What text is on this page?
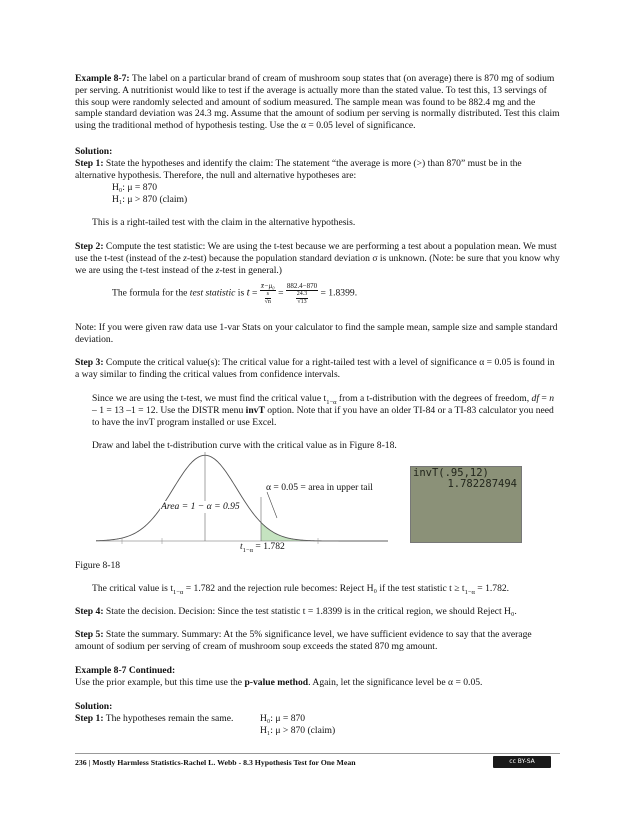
Example 8-7: The label on a particular brand of cream of mushroom soup states that (on average) there is 870 mg of sodium per serving. A nutritionist would like to test if the average is actually more than the stated value. To test this, 13 servings of this soup were randomly selected and amount of sodium measured. The sample mean was found to be 882.4 mg and the sample standard deviation was 24.3 mg. Assume that the amount of sodium per serving is normally distributed. Test this claim using the traditional method of hypothesis testing. Use the α = 0.05 level of significance.

Solution:

Step 1: State the hypotheses and identify the claim: The statement “the average is more (>) than 870” must be in the alternative hypothesis. Therefore, the null and alternative hypotheses are:

H₀: μ = 870

H₁: μ > 870 (claim)

This is a right-tailed test with the claim in the alternative hypothesis.

Step 2: Compute the test statistic: We are using the t-test because we are performing a test about a population mean. We must use the t-test (instead of the z-test) because the population standard deviation σ is unknown. (Note: be sure that you know why we are using the t-test instead of the z-test in general.)

The formula for the test statistic is $t = \frac{\text{x̄−μ₀}}{\frac{s}{√n}} = \frac{882.4-870}{\frac{24.3}{√13}} = 1.8399$.

Note: If you were given raw data use 1-var Stats on your calculator to find the sample mean, sample size and sample standard deviation.

Step 3: Compute the critical value(s): The critical value for a right-tailed test with a level of significance α = 0.05 is found in a way similar to finding the critical values from confidence intervals.

Since we are using the t-test, we must find the critical value $t_{1-\alpha}$ from a t-distribution with the degrees of freedom, df = n – 1 = 13 –1 = 12. Use the DISTR menu invT option. Note that if you have an older TI-84 or a TI-83 calculator you need to have the invT program installed or use Excel.

Draw and label the t-distribution curve with the critical value as in Figure 8-18.

α = 0.05 = area in upper tail
Area = 1 − α = 0.95
$t_{1-\alpha} = 1.782$
invT(.95,12)
1.782287494

Figure 8-18

The critical value is $t_{1-\alpha} = 1.782$ and the rejection rule becomes: Reject H₀ if the test statistic $t \ge t_{1-\alpha} = 1.782$.

Step 4: State the decision. Decision: Since the test statistic t = 1.8399 is in the critical region, we should Reject H₀.

Step 5: State the summary. Summary: At the 5% significance level, we have sufficient evidence to say that the average amount of sodium per serving of cream of mushroom soup exceeds the stated 870 mg amount.

Example 8-7 Continued:

Use the prior example, but this time use the p-value method. Again, let the significance level be α = 0.05.

Solution:

Step 1: The hypotheses remain the same.	H₀: μ = 870

H₁: μ > 870 (claim)

236 | Mostly Harmless Statistics-Rachel L. Webb - 8.3 Hypothesis Test for One Mean	cc BY-SA
